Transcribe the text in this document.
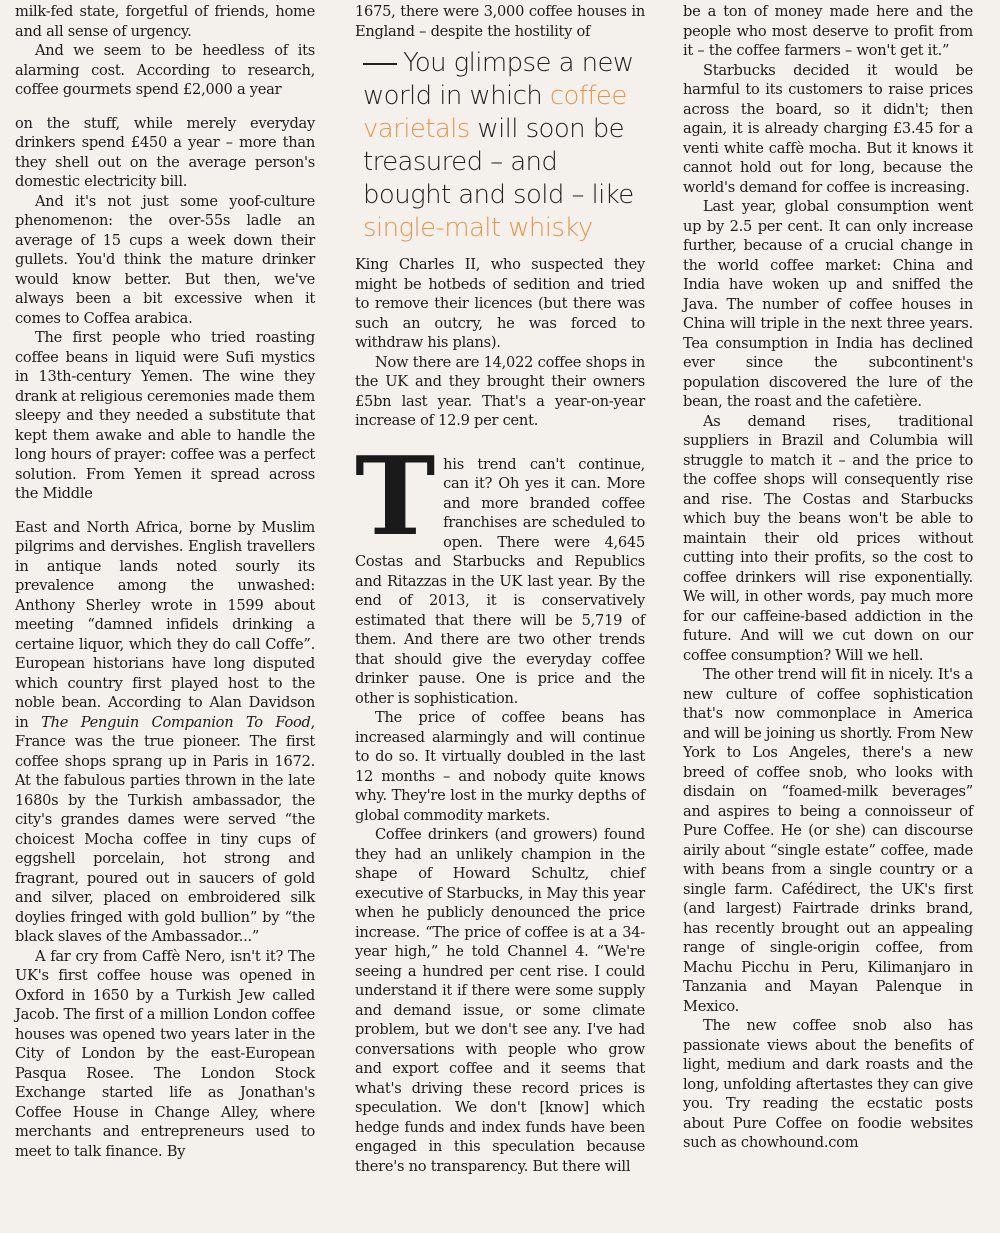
milk-fed state, forgetful of friends, home and all sense of urgency.

And we seem to be heedless of its alarming cost. According to research, coffee gourmets spend £2,000 a year

on the stuff, while merely everyday drinkers spend £450 a year – more than they shell out on the average person's domestic electricity bill.

And it's not just some yoof-culture phenomenon: the over-55s ladle an average of 15 cups a week down their gullets. You'd think the mature drinker would know better. But then, we've always been a bit excessive when it comes to Coffea arabica.

The first people who tried roasting coffee beans in liquid were Sufi mystics in 13th-century Yemen. The wine they drank at religious ceremonies made them sleepy and they needed a substitute that kept them awake and able to handle the long hours of prayer: coffee was a perfect solution. From Yemen it spread across the Middle

East and North Africa, borne by Muslim pilgrims and dervishes. English travellers in antique lands noted sourly its prevalence among the unwashed: Anthony Sherley wrote in 1599 about meeting “damned infidels drinking a certaine liquor, which they do call Coffe”. European historians have long disputed which country first played host to the noble bean. According to Alan Davidson in The Penguin Companion To Food, France was the true pioneer. The first coffee shops sprang up in Paris in 1672. At the fabulous parties thrown in the late 1680s by the Turkish ambassador, the city's grandes dames were served “the choicest Mocha coffee in tiny cups of eggshell porcelain, hot strong and fragrant, poured out in saucers of gold and silver, placed on embroidered silk doylies fringed with gold bullion” by “the black slaves of the Ambassador...”

A far cry from Caffè Nero, isn't it? The UK's first coffee house was opened in Oxford in 1650 by a Turkish Jew called Jacob. The first of a million London coffee houses was opened two years later in the City of London by the east-European Pasqua Rosee. The London Stock Exchange started life as Jonathan's Coffee House in Change Alley, where merchants and entrepreneurs used to meet to talk finance. By

1675, there were 3,000 coffee houses in England – despite the hostility of

You glimpse a new world in which coffee varietals will soon be treasured – and bought and sold – like single-malt whisky

King Charles II, who suspected they might be hotbeds of sedition and tried to remove their licences (but there was such an outcry, he was forced to withdraw his plans).

Now there are 14,022 coffee shops in the UK and they brought their owners £5bn last year. That's a year-on-year increase of 12.9 per cent.

This trend can't continue, can it? Oh yes it can. More and more branded coffee franchises are scheduled to open. There were 4,645 Costas and Starbucks and Republics and Ritazzas in the UK last year. By the end of 2013, it is conservatively estimated that there will be 5,719 of them. And there are two other trends that should give the everyday coffee drinker pause. One is price and the other is sophistication.

The price of coffee beans has increased alarmingly and will continue to do so. It virtually doubled in the last 12 months – and nobody quite knows why. They're lost in the murky depths of global commodity markets.

Coffee drinkers (and growers) found they had an unlikely champion in the shape of Howard Schultz, chief executive of Starbucks, in May this year when he publicly denounced the price increase. “The price of coffee is at a 34-year high,” he told Channel 4. “We're seeing a hundred per cent rise. I could understand it if there were some supply and demand issue, or some climate problem, but we don't see any. I've had conversations with people who grow and export coffee and it seems that what's driving these record prices is speculation. We don't [know] which hedge funds and index funds have been engaged in this speculation because there's no transparency. But there will

be a ton of money made here and the people who most deserve to profit from it – the coffee farmers – won't get it.”

Starbucks decided it would be harmful to its customers to raise prices across the board, so it didn't; then again, it is already charging £3.45 for a venti white caffè mocha. But it knows it cannot hold out for long, because the world's demand for coffee is increasing.

Last year, global consumption went up by 2.5 per cent. It can only increase further, because of a crucial change in the world coffee market: China and India have woken up and sniffed the Java. The number of coffee houses in China will triple in the next three years. Tea consumption in India has declined ever since the subcontinent's population discovered the lure of the bean, the roast and the cafetière.

As demand rises, traditional suppliers in Brazil and Columbia will struggle to match it – and the price to the coffee shops will consequently rise and rise. The Costas and Starbucks which buy the beans won't be able to maintain their old prices without cutting into their profits, so the cost to coffee drinkers will rise exponentially. We will, in other words, pay much more for our caffeine-based addiction in the future. And will we cut down on our coffee consumption? Will we hell.

The other trend will fit in nicely. It's a new culture of coffee sophistication that's now commonplace in America and will be joining us shortly. From New York to Los Angeles, there's a new breed of coffee snob, who looks with disdain on “foamed-milk beverages” and aspires to being a connoisseur of Pure Coffee. He (or she) can discourse airily about “single estate” coffee, made with beans from a single country or a single farm. Cafédirect, the UK's first (and largest) Fairtrade drinks brand, has recently brought out an appealing range of single-origin coffee, from Machu Picchu in Peru, Kilimanjaro in Tanzania and Mayan Palenque in Mexico.

The new coffee snob also has passionate views about the benefits of light, medium and dark roasts and the long, unfolding aftertastes they can give you. Try reading the ecstatic posts about Pure Coffee on foodie websites such as chowhound.com
